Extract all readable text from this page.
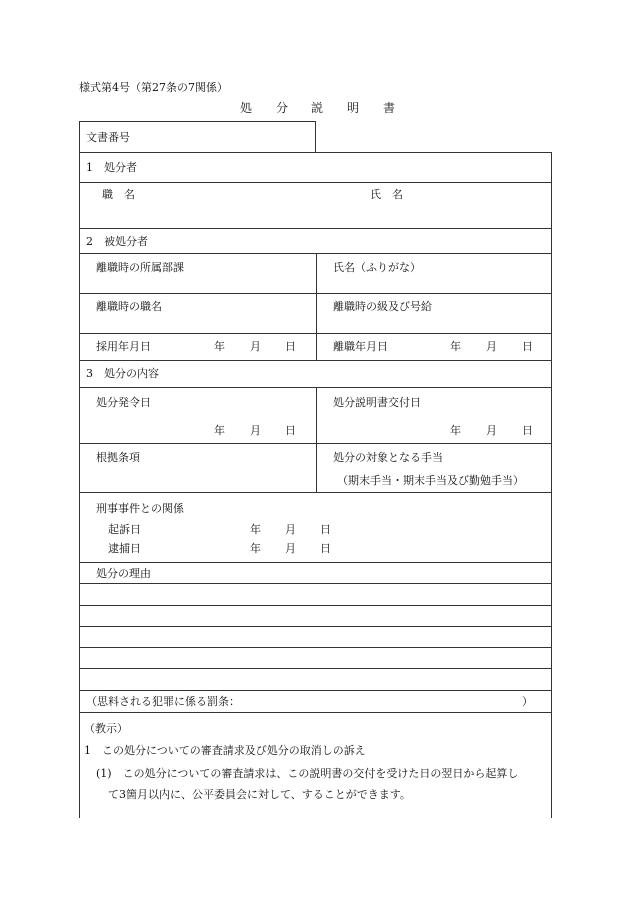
様式第4号（第27条の7関係）
処 分 説 明 書
文書番号
1　処分者
職　名	氏　名
2　被処分者
離職時の所属部課	氏名（ふりがな）
離職時の職名	離職時の級及び号給
採用年月日	年 月 日	離職年月日	年 月 日
3　処分の内容
処分発令日	処分説明書交付日
年 月 日	年 月 日
根拠条項	処分の対象となる手当
（期末手当・期末手当及び勤勉手当）
刑事事件との関係
起訴日	年 月 日
逮捕日	年 月 日
処分の理由
（思料される犯罪に係る罰条：	）
（教示）
1　この処分についての審査請求及び処分の取消しの訴え
(1)　この処分についての審査請求は、この説明書の交付を受けた日の翌日から起算し
て3箇月以内に、公平委員会に対して、することができます。
